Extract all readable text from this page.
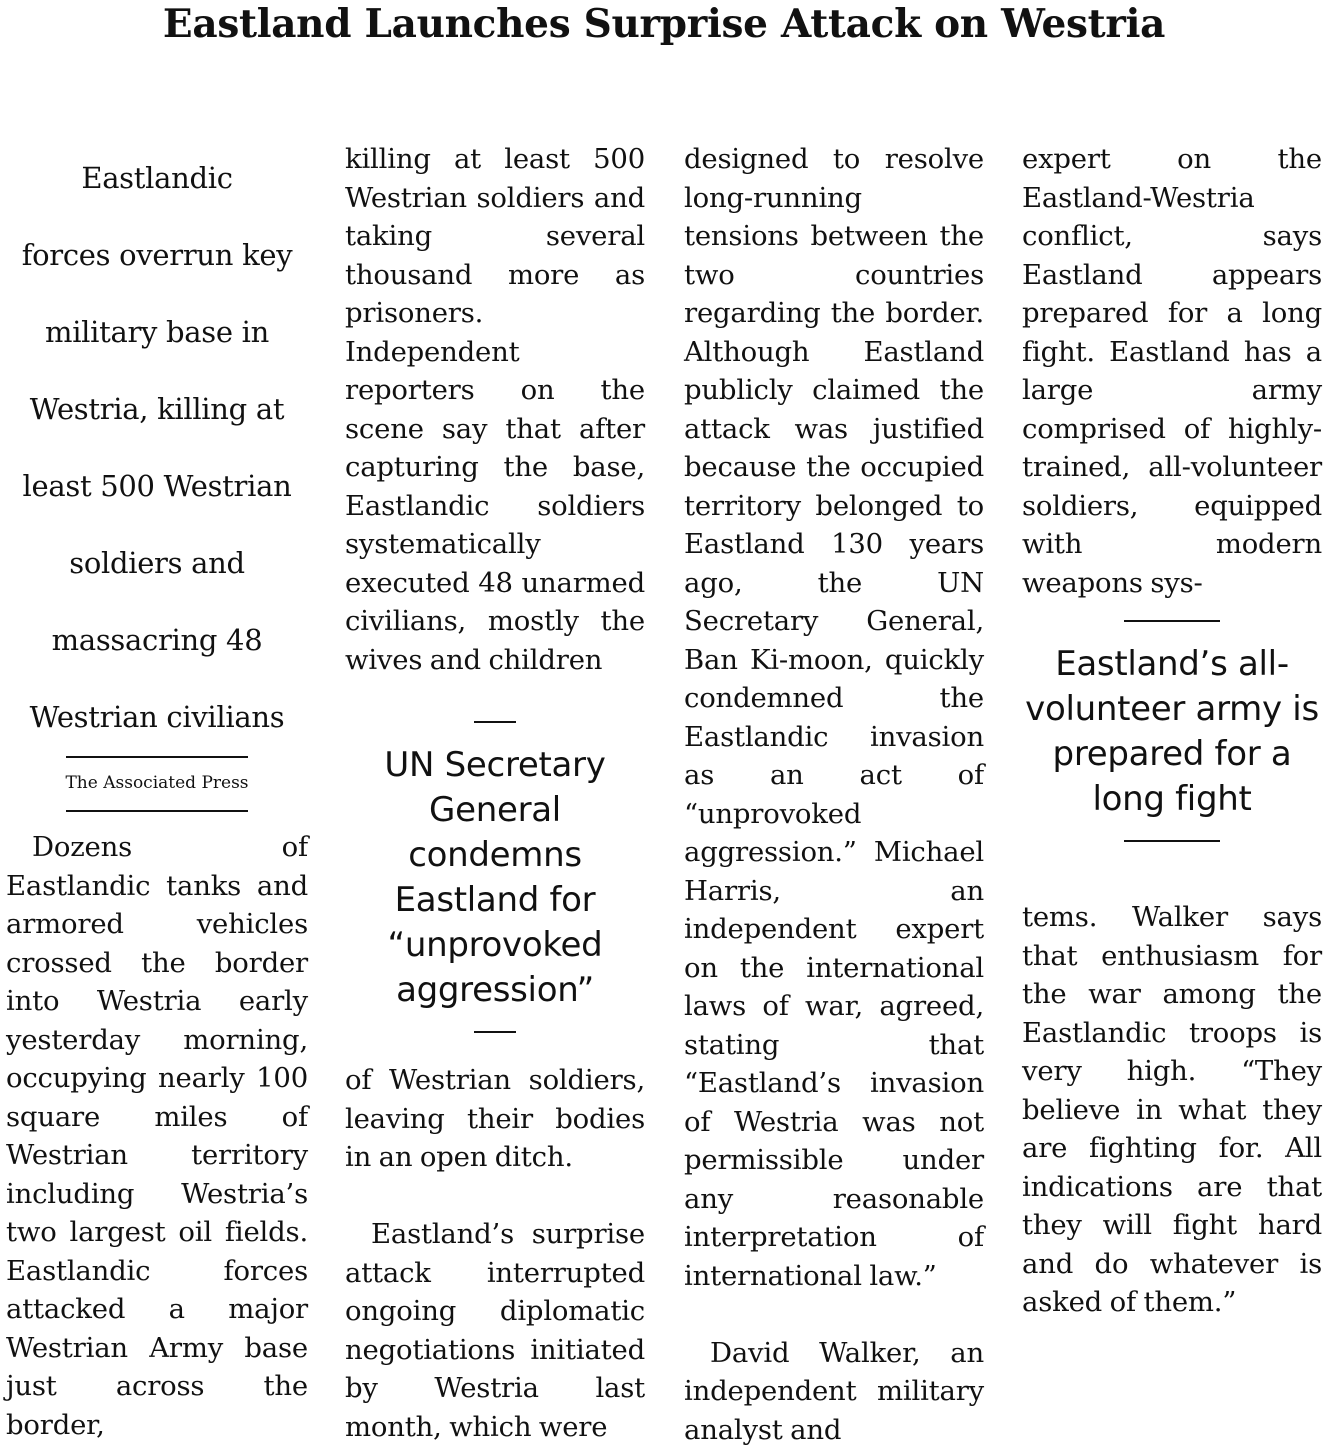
Eastland Launches Surprise Attack on Westria

Eastlandic

forces overrun key

military base in

Westria, killing at

least 500 Westrian

soldiers and

massacring 48

Westrian civilians

The Associated Press

Dozens of Eastlandic tanks and armored vehicles crossed the border into Westria early yesterday morning, occupying nearly 100 square miles of Westrian territory including Westria’s two largest oil fields. Eastlandic forces attacked a major Westrian Army base just across the border,

killing at least 500 Westrian soldiers and taking several thousand more as prisoners. Independent reporters on the scene say that after capturing the base, Eastlandic soldiers systematically executed 48 unarmed civilians, mostly the wives and children

UN Secretary General condemns Eastland for “unprovoked aggression”

of Westrian soldiers, leaving their bodies in an open ditch.

Eastland’s surprise attack interrupted ongoing diplomatic negotiations initiated by Westria last month, which were

designed to resolve long-running tensions between the two countries regarding the border. Although Eastland publicly claimed the attack was justified because the occupied territory belonged to Eastland 130 years ago, the UN Secretary General, Ban Ki-moon, quickly condemned the Eastlandic invasion as an act of “unprovoked aggression.” Michael Harris, an independent expert on the international laws of war, agreed, stating that “Eastland’s invasion of Westria was not permissible under any reasonable interpretation of international law.”

David Walker, an independent military analyst and

expert on the Eastland-Westria conflict, says Eastland appears prepared for a long fight. Eastland has a large army comprised of highly-trained, all-volunteer soldiers, equipped with modern weapons sys-

Eastland’s all-volunteer army is prepared for a long fight

tems. Walker says that enthusiasm for the war among the Eastlandic troops is very high. “They believe in what they are fighting for. All indications are that they will fight hard and do whatever is asked of them.”
